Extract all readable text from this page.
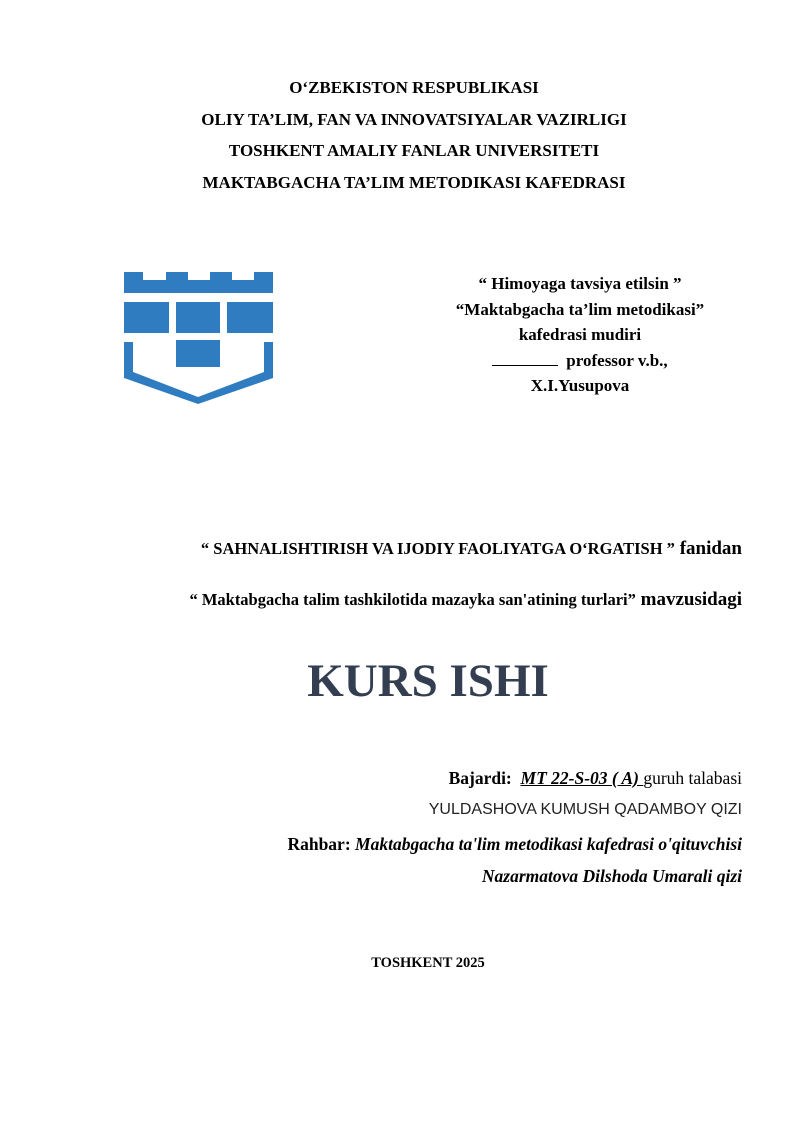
O‘ZBEKISTON RESPUBLIKASI
OLIY TA’LIM, FAN VA INNOVATSIYALAR VAZIRLIGI
TOSHKENT AMALIY FANLAR UNIVERSITETI
MAKTABGACHA TA’LIM METODIKASI KAFEDRASI
“ Himoyaga tavsiya etilsin ”
“Maktabgacha ta’lim metodikasi”
kafedrasi mudiri
professor v.b.,
X.I.Yusupova
“ SAHNALISHTIRISH VA IJODIY FAOLIYATGA O‘RGATISH ” fanidan
“ Maktabgacha talim tashkilotida mazayka san'atining turlari” mavzusidagi
KURS ISHI
Bajardi: MT 22-S-03 ( A) guruh talabasi
YULDASHOVA KUMUSH QADAMBOY QIZI
Rahbar: Maktabgacha ta'lim metodikasi kafedrasi o'qituvchisi
Nazarmatova Dilshoda Umarali qizi
TOSHKENT 2025
